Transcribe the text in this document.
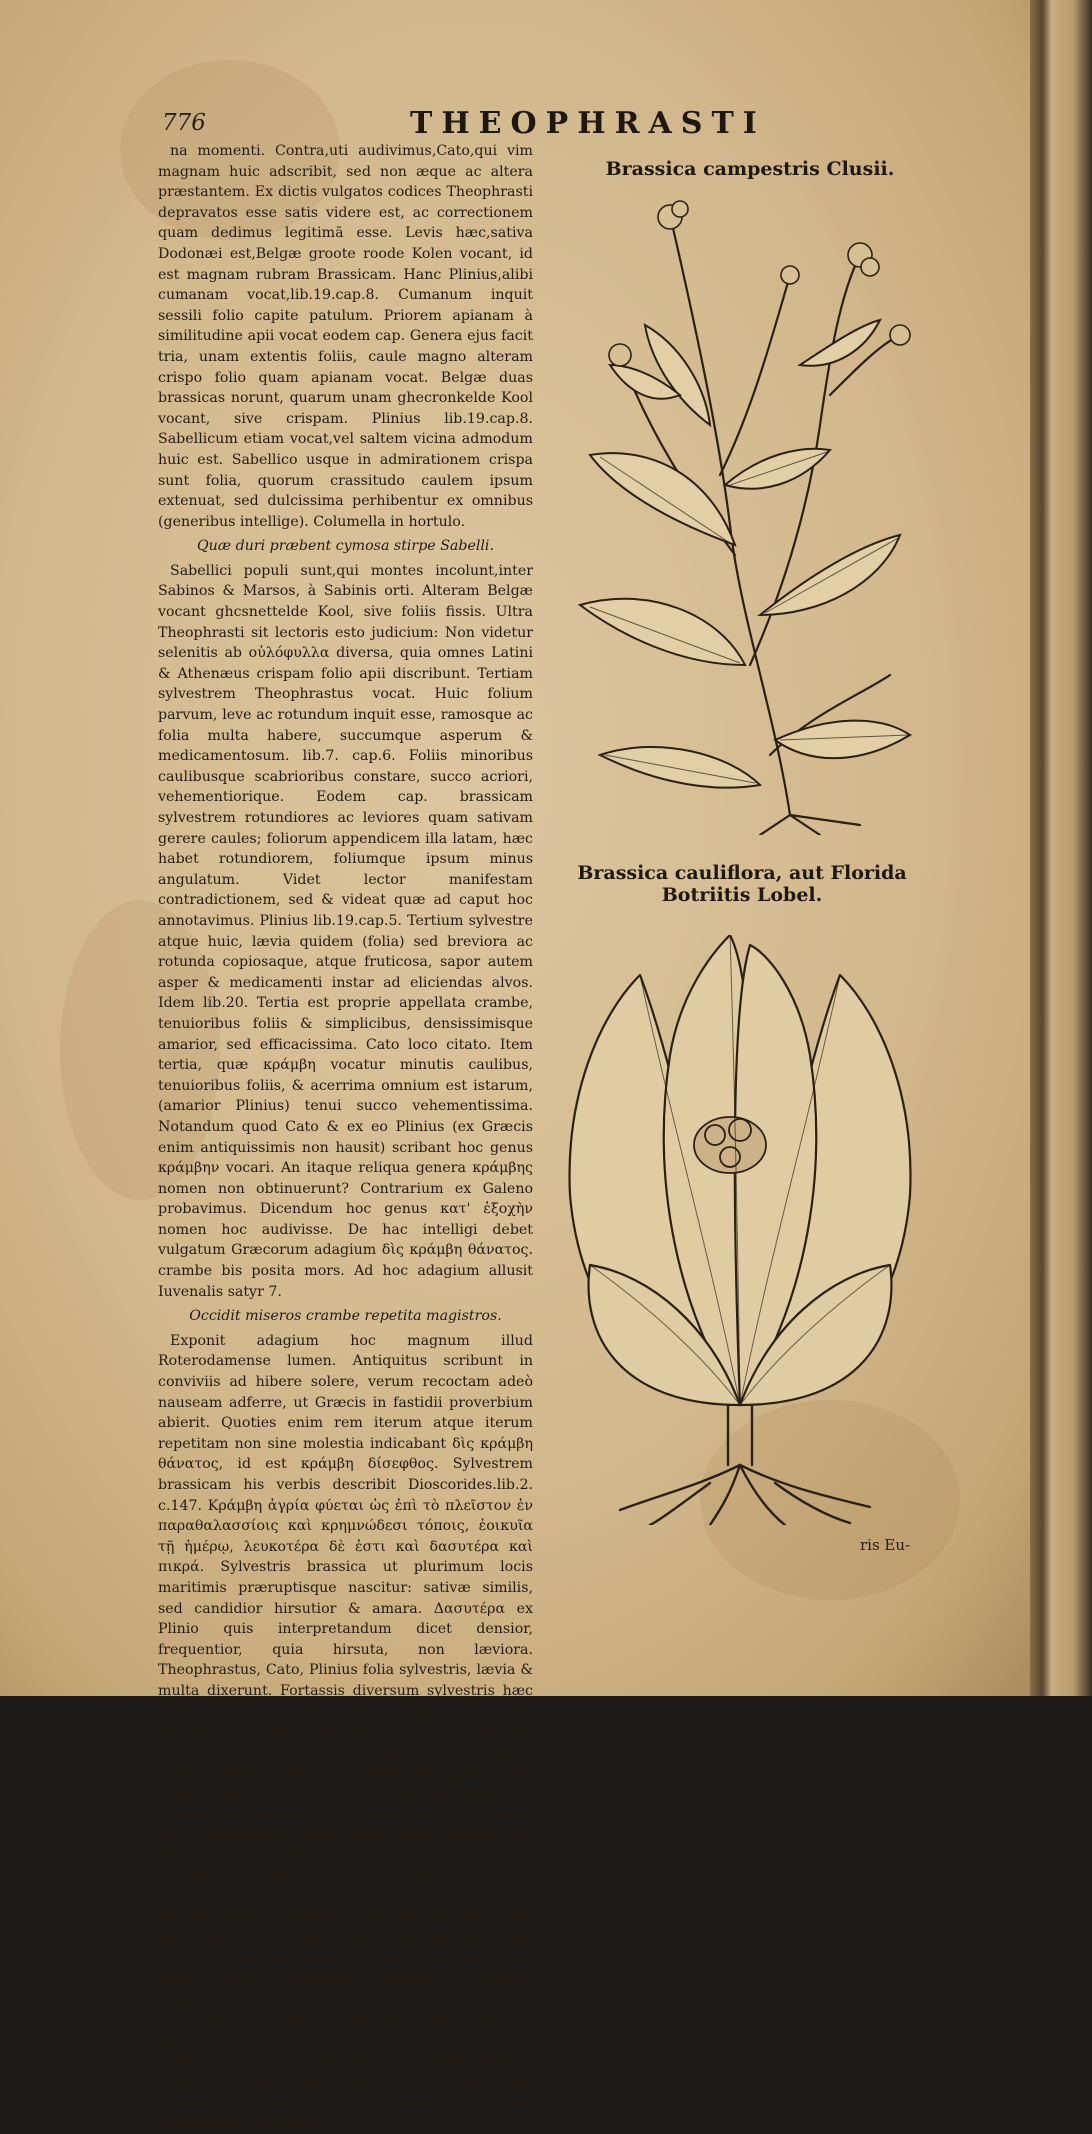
776	THEOPHRASTI

na momenti. Contra,uti audivimus,Cato,qui vim magnam huic adscribit, sed non æque ac altera præstantem. Ex dictis vulgatos codices Theophrasti depravatos esse satis videre est, ac correctionem quam dedimus legitimā esse. Levis hæc,sativa Dodonæi est,Belgæ groote roode Kolen vocant, id est magnam rubram Brassicam. Hanc Plinius,alibi cumanam vocat,lib.19.cap.8. Cumanum inquit sessili folio capite patulum. Priorem apianam à similitudine apii vocat eodem cap. Genera ejus facit tria, unam extentis foliis, caule magno alteram crispo folio quam apianam vocat. Belgæ duas brassicas norunt, quarum unam ghecronkelde Kool vocant, sive crispam. Plinius lib.19.cap.8. Sabellicum etiam vocat,vel saltem vicina admodum huic est. Sabellico usque in admirationem crispa sunt folia, quorum crassitudo caulem ipsum extenuat, sed dulcissima perhibentur ex omnibus (generibus intellige). Columella in hortulo.

Quæ duri præbent cymosa stirpe Sabelli.

Sabellici populi sunt,qui montes incolunt,inter Sabinos & Marsos, à Sabinis orti. Alteram Belgæ vocant ghcsnettelde Kool, sive foliis fissis. Ultra Theophrasti sit lectoris esto judicium: Non videtur selenitis ab οὐλόφυλλα diversa, quia omnes Latini & Athenæus crispam folio apii discribunt. Tertiam sylvestrem Theophrastus vocat. Huic folium parvum, leve ac rotundum inquit esse, ramosque ac folia multa habere, succumque asperum & medicamentosum. lib.7. cap.6. Foliis minoribus caulibusque scabrioribus constare, succo acriori, vehementiorique. Eodem cap. brassicam sylvestrem rotundiores ac leviores quam sativam gerere caules; foliorum appendicem illa latam, hæc habet rotundiorem, foliumque ipsum minus angulatum. Videt lector manifestam contradictionem, sed & videat quæ ad caput hoc annotavimus. Plinius lib.19.cap.5. Tertium sylvestre atque huic, lævia quidem (folia) sed breviora ac rotunda copiosaque, atque fruticosa, sapor autem asper & medicamenti instar ad eliciendas alvos. Idem lib.20. Tertia est proprie appellata crambe, tenuioribus foliis & simplicibus, densissimisque amarior, sed efficacissima. Cato loco citato. Item tertia, quæ κράμβη vocatur minutis caulibus, tenuioribus foliis, & acerrima omnium est istarum, (amarior Plinius) tenui succo vehementissima. Notandum quod Cato & ex eo Plinius (ex Græcis enim antiquissimis non hausit) scribant hoc genus κράμβην vocari. An itaque reliqua genera κράμβης nomen non obtinuerunt? Contrarium ex Galeno probavimus. Dicendum hoc genus κατ' ἐξοχὴν nomen hoc audivisse. De hac intelligi debet vulgatum Græcorum adagium δὶς κράμβη θάνατος. crambe bis posita mors. Ad hoc adagium allusit Iuvenalis satyr 7.

Occidit miseros crambe repetita magistros.

Exponit adagium hoc magnum illud Roterodamense lumen. Antiquitus scribunt in conviviis ad hibere solere, verum recoctam adeò nauseam adferre, ut Græcis in fastidii proverbium abierit. Quoties enim rem iterum atque iterum repetitam non sine molestia indicabant δὶς κράμβη θάνατος, id est κράμβη δίσεφθος. Sylvestrem brassicam his verbis describit Dioscorides.lib.2. c.147. Κράμβη ἀγρία φύεται ὡς ἐπὶ τὸ πλεῖστον ἐν παραθαλασσίοις καὶ κρημνώδεσι τόποις, ἐοικυῖα τῇ ἡμέρῳ, λευκοτέρα δὲ ἐστι καὶ δασυτέρα καὶ πικρά. Sylvestris brassica ut plurimum locis maritimis præruptisque nascitur: sativæ similis, sed candidior hirsutior & amara. Δασυτέρα ex Plinio quis interpretandum dicet densior, frequentior, quia hirsuta, non læviora. Theophrastus, Cato, Plinius folia sylvestris, lævia & multa dixerunt. Fortassis diversum sylvestris hæc brassica genus est à Theophrasti ac Catonis. Siquidem reperitur sylvestris quædam brassica quæ sativæ minori, quam κράμβην Dodonæus vocat, similis esset, nisi hirsutior, albidior, ac sapore amarior foret; folia siquidem, flores, & siliquæ satis respondent. Accedit quod in Zelandia hæc reperiatur altioribus juxta mare tumulis. Nec videtur Dioscoridis sylvestris cum Theophrasti convenire, siquidem Dioscorides brassicam sylvestrem sativæ similem scribit. Theophrastus folium tribuit sylvestri suæ parvum, læve ac rotundum, id est minus crispum & angulatum. Cum ex sativis nullum habeat folium rotundum. Videt etiam lector brassicam κράμβην Dodonæi (nostrates floozen vocant) non esse sylvestrem Græcorum, quia foliis est crispis neutiquā rotundis parvisque, nec etiam multis caulibus foliisque danata. Si brassica perfoliata plura haberet folia ac caules, optimè conveniret; & fortassis alibi copiosioribus caulibus & foliis provenit. Illud etiam indagandum, an halmy-

Brassica campestris Clusii.
Brassica cauliflora, aut Florida Botriitis Lobel.
ris Eu-
